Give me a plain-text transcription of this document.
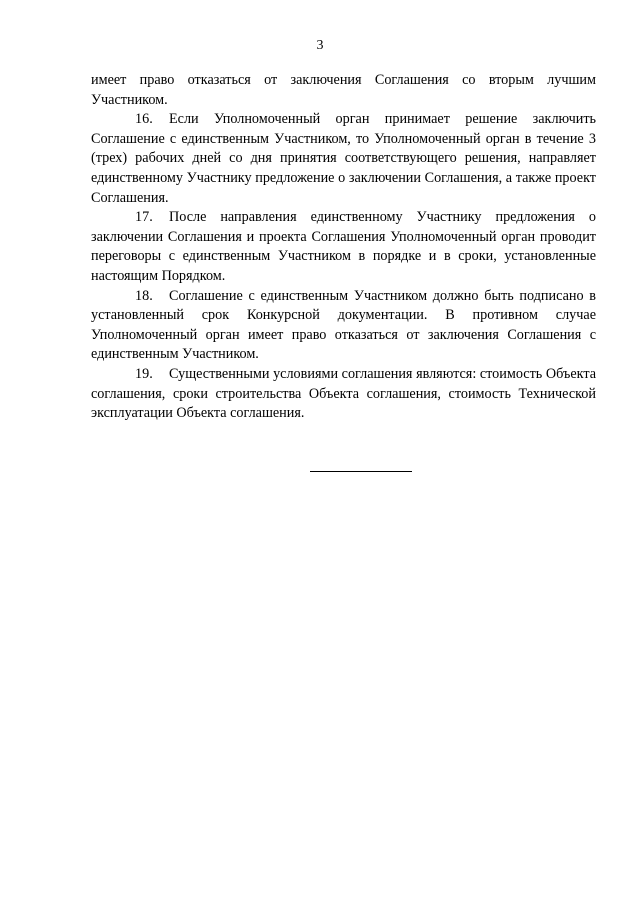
3

имеет право отказаться от заключения Соглашения со вторым лучшим Участником.

16. Если Уполномоченный орган принимает решение заключить Соглашение с единственным Участником, то Уполномоченный орган в течение 3 (трех) рабочих дней со дня принятия соответствующего решения, направляет единственному Участнику предложение о заключении Соглашения, а также проект Соглашения.

17. После направления единственному Участнику предложения о заключении Соглашения и проекта Соглашения Уполномоченный орган проводит переговоры с единственным Участником в порядке и в сроки, установленные настоящим Порядком.

18. Соглашение с единственным Участником должно быть подписано в установленный срок Конкурсной документации. В противном случае Уполномоченный орган имеет право отказаться от заключения Соглашения с единственным Участником.

19. Существенными условиями соглашения являются: стоимость Объекта соглашения, сроки строительства Объекта соглашения, стоимость Технической эксплуатации Объекта соглашения.
